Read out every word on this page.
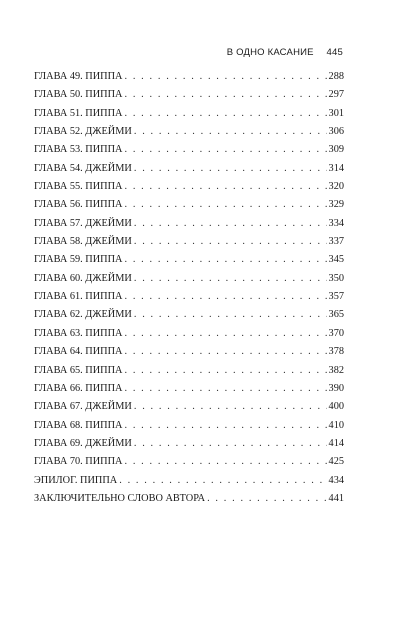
В ОДНО КАСАНИЕ 445
ГЛАВА 49. ПИППА . . .	288
ГЛАВА 50. ПИППА . . .	297
ГЛАВА 51. ПИППА . . .	301
ГЛАВА 52. ДЖЕЙМИ . . .	306
ГЛАВА 53. ПИППА . . .	309
ГЛАВА 54. ДЖЕЙМИ . . .	314
ГЛАВА 55. ПИППА . . .	320
ГЛАВА 56. ПИППА . . .	329
ГЛАВА 57. ДЖЕЙМИ . . .	334
ГЛАВА 58. ДЖЕЙМИ . . .	337
ГЛАВА 59. ПИППА . . .	345
ГЛАВА 60. ДЖЕЙМИ . . .	350
ГЛАВА 61. ПИППА . . .	357
ГЛАВА 62. ДЖЕЙМИ . . .	365
ГЛАВА 63. ПИППА . . .	370
ГЛАВА 64. ПИППА . . .	378
ГЛАВА 65. ПИППА . . .	382
ГЛАВА 66. ПИППА . . .	390
ГЛАВА 67. ДЖЕЙМИ . . .	400
ГЛАВА 68. ПИППА . . .	410
ГЛАВА 69. ДЖЕЙМИ . . .	414
ГЛАВА 70. ПИППА . . .	425
ЭПИЛОГ. ПИППА . . .	434
ЗАКЛЮЧИТЕЛЬНО СЛОВО АВТОРА . . .	441
